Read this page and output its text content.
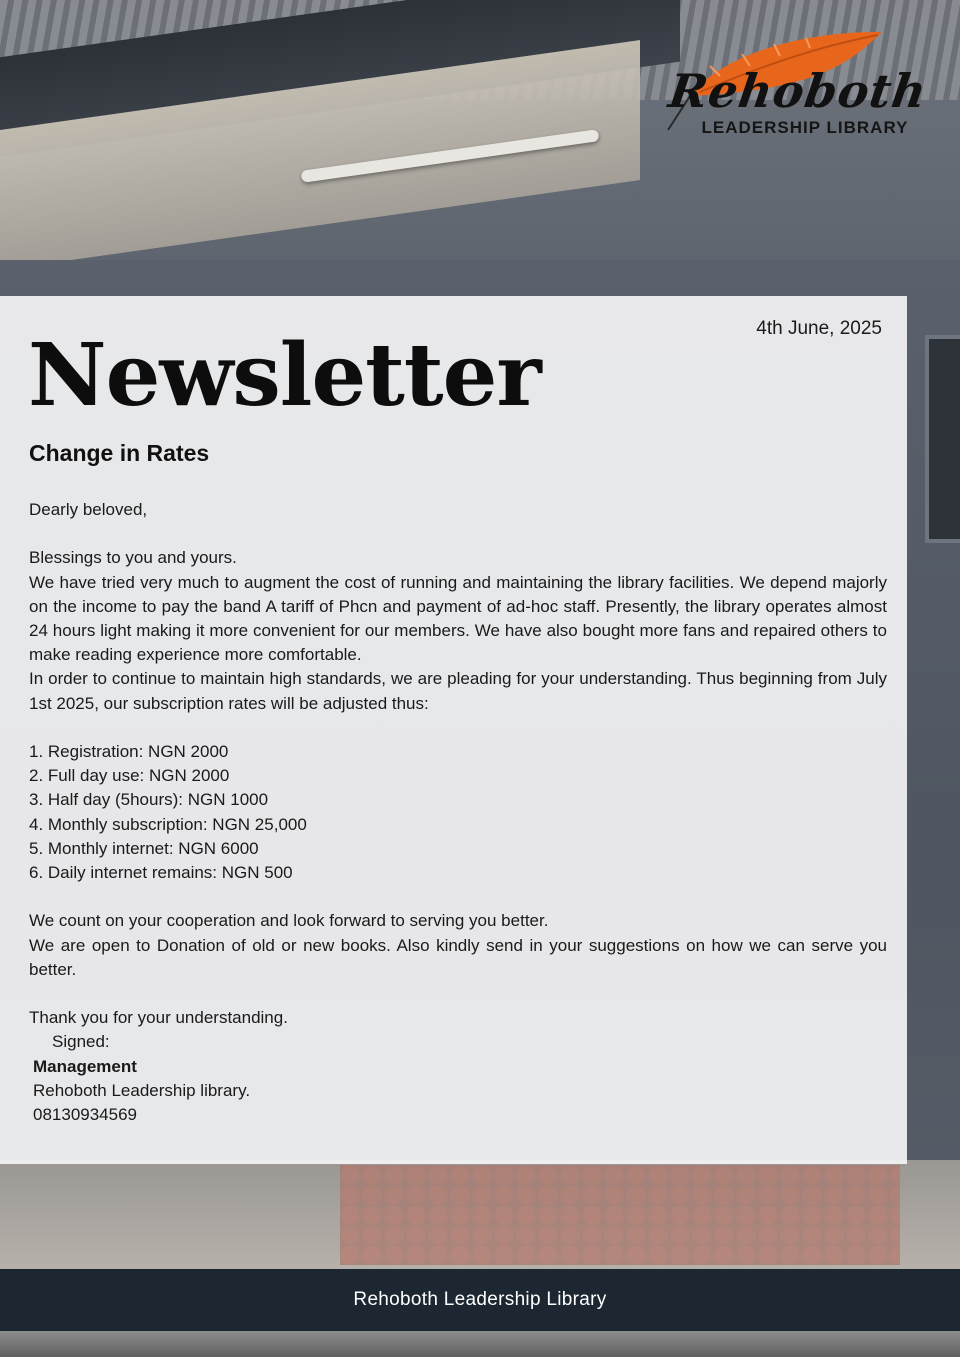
Rehoboth
LEADERSHIP LIBRARY
4th June, 2025
Newsletter
Change in Rates

Dearly beloved,

Blessings to you and yours.

We have tried very much to augment the cost of running and maintaining the library facilities. We depend majorly on the income to pay the band A tariff of Phcn and payment of ad-hoc staff. Presently, the library operates almost 24 hours light making it more convenient for our members. We have also bought more fans and repaired others to make reading experience more comfortable.

In order to continue to maintain high standards, we are pleading for your understanding. Thus beginning from July 1st 2025, our subscription rates will be adjusted thus:

1. Registration: NGN 2000
2. Full day use: NGN 2000
3. Half day (5hours): NGN 1000
4. Monthly subscription: NGN 25,000
5. Monthly internet: NGN 6000
6. Daily internet remains: NGN 500

We count on your cooperation and look forward to serving you better.

We are open to Donation of old or new books. Also kindly send in your suggestions on how we can serve you better.

Thank you for your understanding.

Signed:

Management

Rehoboth Leadership library.

08130934569

Rehoboth Leadership Library
